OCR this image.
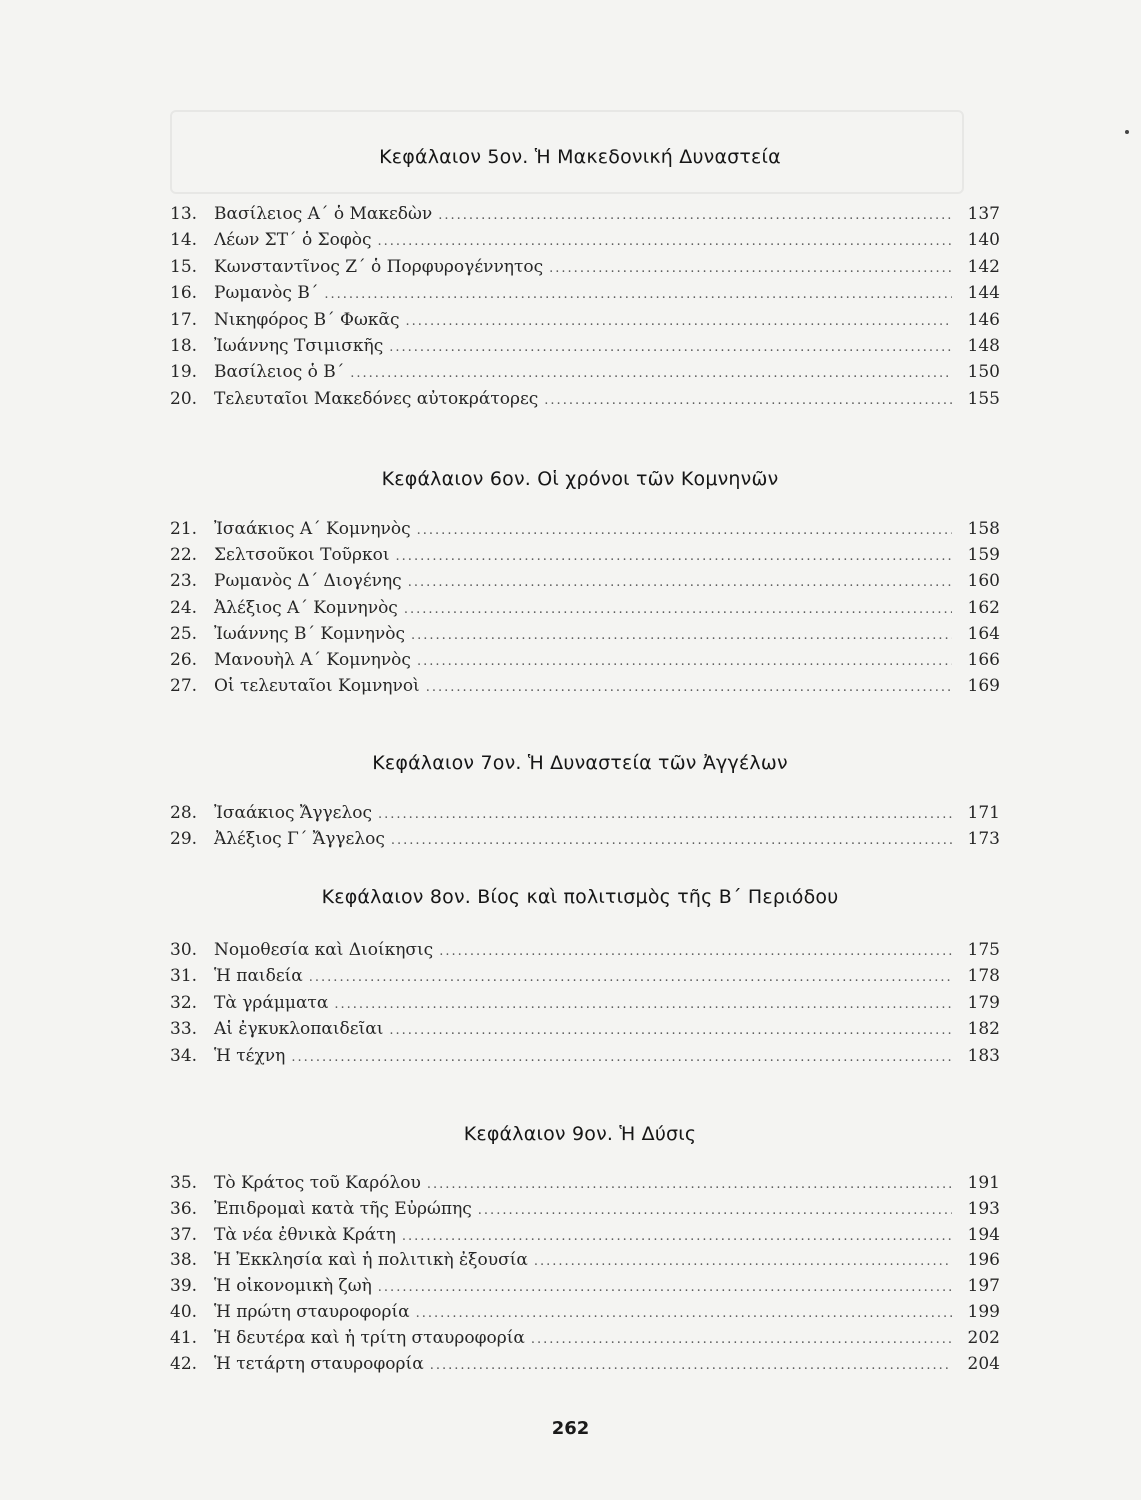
Κεφάλαιον 5ον. Ἡ Μακεδονική Δυναστεία
13. Βασίλειος Α΄ ὁ Μακεδὼν .....	137
14. Λέων ΣΤ΄ ὁ Σοφὸς .....	140
15. Κωνσταντῖνος Ζ΄ ὁ Πορφυρογέννητος .....	142
16. Ρωμανὸς Β΄ .....	144
17. Νικηφόρος Β΄ Φωκᾶς .....	146
18. Ἰωάννης Τσιμισκῆς .....	148
19. Βασίλειος ὁ Β΄ .....	150
20. Τελευταῖοι Μακεδόνες αὐτοκράτορες .....	155
Κεφάλαιον 6ον. Οἱ χρόνοι τῶν Κομνηνῶν
21. Ἰσαάκιος Α΄ Κομνηνὸς .....	158
22. Σελτσοῦκοι Τοῦρκοι .....	159
23. Ρωμανὸς Δ΄ Διογένης .....	160
24. Ἀλέξιος Α΄ Κομνηνὸς .....	162
25. Ἰωάννης Β΄ Κομνηνὸς .....	164
26. Μανουὴλ Α΄ Κομνηνὸς .....	166
27. Οἱ τελευταῖοι Κομνηνοὶ .....	169
Κεφάλαιον 7ον. Ἡ Δυναστεία τῶν Ἀγγέλων
28. Ἰσαάκιος Ἄγγελος .....	171
29. Ἀλέξιος Γ΄ Ἄγγελος .....	173
Κεφάλαιον 8ον. Βίος καὶ πολιτισμὸς τῆς Β΄ Περιόδου
30. Νομοθεσία καὶ Διοίκησις .....	175
31. Ἡ παιδεία .....	178
32. Τὰ γράμματα .....	179
33. Αἱ ἐγκυκλοπαιδεῖαι .....	182
34. Ἡ τέχνη .....	183
Κεφάλαιον 9ον. Ἡ Δύσις
35. Τὸ Κράτος τοῦ Καρόλου .....	191
36. Ἐπιδρομαὶ κατὰ τῆς Εὐρώπης .....	193
37. Τὰ νέα ἐθνικὰ Κράτη .....	194
38. Ἡ Ἐκκλησία καὶ ἡ πολιτικὴ ἐξουσία .....	196
39. Ἡ οἰκονομικὴ ζωὴ .....	197
40. Ἡ πρώτη σταυροφορία .....	199
41. Ἡ δευτέρα καὶ ἡ τρίτη σταυροφορία .....	202
42. Ἡ τετάρτη σταυροφορία .....	204
262
